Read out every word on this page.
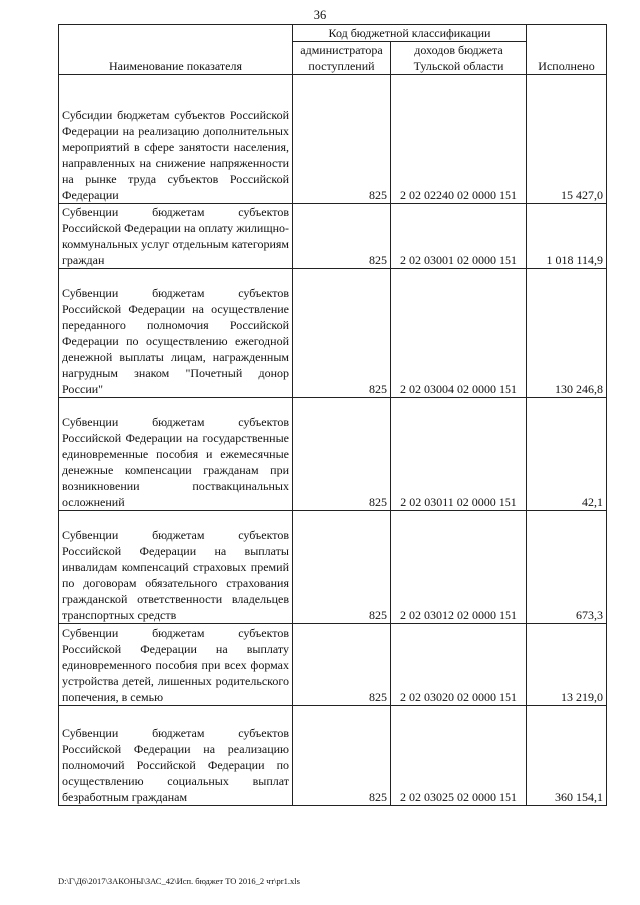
36
Наименование показателя	Код бюджетной классификации		Исполнено
	администратора поступлений	доходов бюджета Тульской области	
Субсидии бюджетам субъектов Российской Федерации на реализацию дополнительных мероприятий в сфере занятости населения, направленных на снижение напряженности на рынке труда субъектов Российской Федерации	825	2 02 02240 02 0000 151	15 427,0
Субвенции бюджетам субъектов Российской Федерации на оплату жилищно-коммунальных услуг отдельным категориям граждан	825	2 02 03001 02 0000 151	1 018 114,9
Субвенции бюджетам субъектов Российской Федерации на осуществление переданного полномочия Российской Федерации по осуществлению ежегодной денежной выплаты лицам, награжденным нагрудным знаком "Почетный донор России"	825	2 02 03004 02 0000 151	130 246,8
Субвенции бюджетам субъектов Российской Федерации на государственные единовременные пособия и ежемесячные денежные компенсации гражданам при возникновении поствакцинальных осложнений	825	2 02 03011 02 0000 151	42,1
Субвенции бюджетам субъектов Российской Федерации на выплаты инвалидам компенсаций страховых премий по договорам обязательного страхования гражданской ответственности владельцев транспортных средств	825	2 02 03012 02 0000 151	673,3
Субвенции бюджетам субъектов Российской Федерации на выплату единовременного пособия при всех формах устройства детей, лишенных родительского попечения, в семью	825	2 02 03020 02 0000 151	13 219,0
Субвенции бюджетам субъектов Российской Федерации на реализацию полномочий Российской Федерации по осуществлению социальных выплат безработным гражданам	825	2 02 03025 02 0000 151	360 154,1
D:\Г\Д6\2017\ЗАКОНЫ\ЗАС_42\Исп. бюджет ТО 2016_2 чт\pr1.xls
